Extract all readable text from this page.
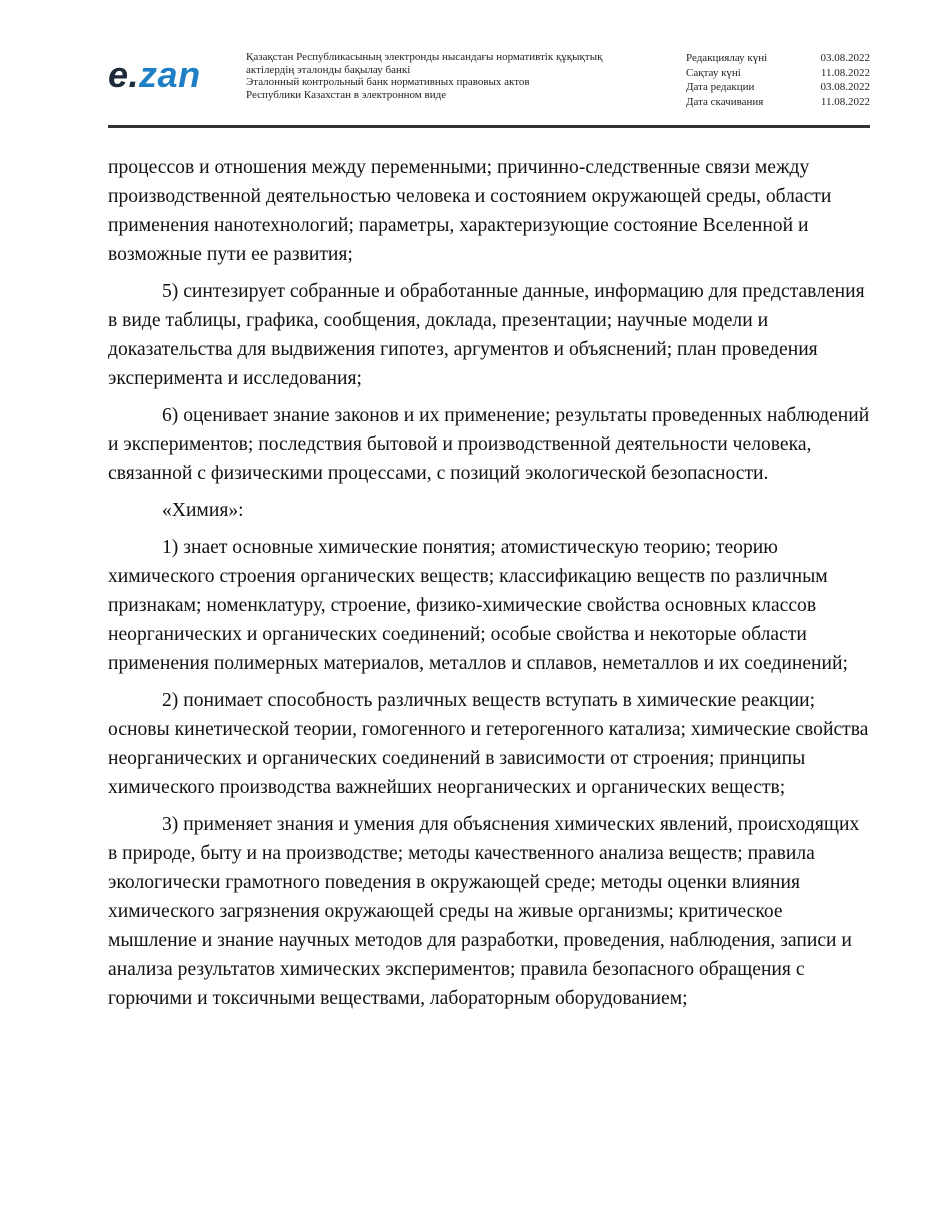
e.zan	Қазақстан Республикасының электронды нысандағы нормативтік құқықтық
актілердің эталонды бақылау банкі
Эталонный контрольный банк нормативных правовых актов
Республики Казахстан в электронном виде
Редакциялау күні	03.08.2022
Сақтау күні	11.08.2022
Дата редакции	03.08.2022
Дата скачивания	11.08.2022

процессов и отношения между переменными; причинно-следственные связи между производственной деятельностью человека и состоянием окружающей среды, области применения нанотехнологий; параметры, характеризующие состояние Вселенной и возможные пути ее развития;

5) синтезирует собранные и обработанные данные, информацию для представления в виде таблицы, графика, сообщения, доклада, презентации; научные модели и доказательства для выдвижения гипотез, аргументов и объяснений; план проведения эксперимента и исследования;

6) оценивает знание законов и их применение; результаты проведенных наблюдений и экспериментов; последствия бытовой и производственной деятельности человека, связанной с физическими процессами, с позиций экологической безопасности.

«Химия»:

1) знает основные химические понятия; атомистическую теорию; теорию химического строения органических веществ; классификацию веществ по различным признакам; номенклатуру, строение, физико-химические свойства основных классов неорганических и органических соединений; особые свойства и некоторые области применения полимерных материалов, металлов и сплавов, неметаллов и их соединений;

2) понимает способность различных веществ вступать в химические реакции; основы кинетической теории, гомогенного и гетерогенного катализа; химические свойства неорганических и органических соединений в зависимости от строения; принципы химического производства важнейших неорганических и органических веществ;

3) применяет знания и умения для объяснения химических явлений, происходящих в природе, быту и на производстве; методы качественного анализа веществ; правила экологически грамотного поведения в окружающей среде; методы оценки влияния химического загрязнения окружающей среды на живые организмы; критическое мышление и знание научных методов для разработки, проведения, наблюдения, записи и анализа результатов химических экспериментов; правила безопасного обращения с горючими и токсичными веществами, лабораторным оборудованием;
